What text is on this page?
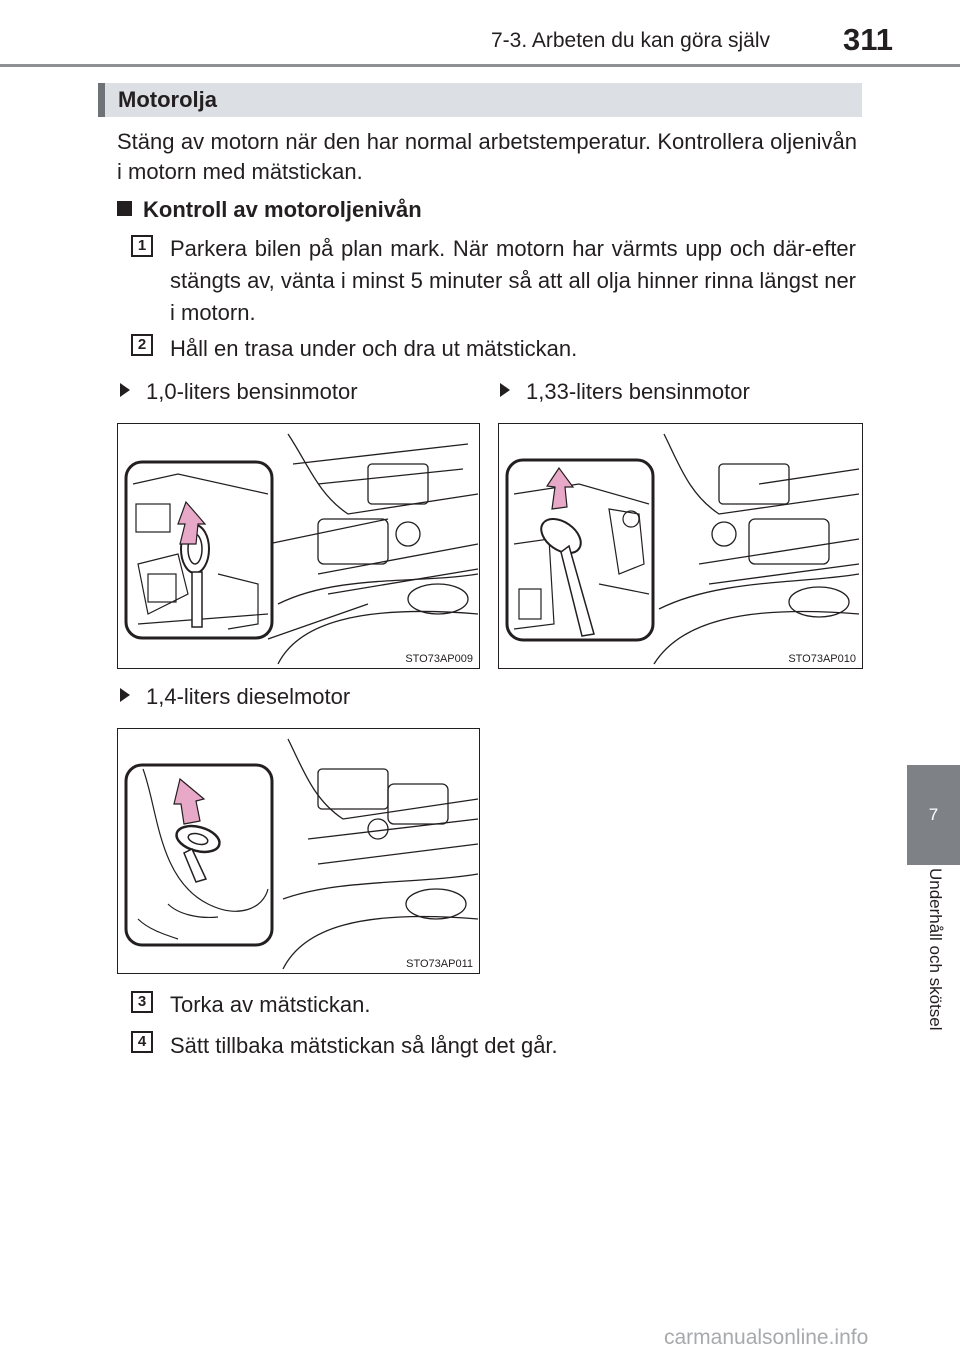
7-3. Arbeten du kan göra själv 311
Motorolja
Stäng av motorn när den har normal arbetstemperatur. Kontrollera oljenivån i motorn med mätstickan.
Kontroll av motoroljenivån
1	Parkera bilen på plan mark. När motorn har värmts upp och där-efter stängts av, vänta i minst 5 minuter så att all olja hinner rinna längst ner i motorn.
2	Håll en trasa under och dra ut mätstickan.
1,0-liters bensinmotor	1,33-liters bensinmotor
STO73AP009	STO73AP010
1,4-liters dieselmotor
STO73AP011
3	Torka av mätstickan.
4	Sätt tillbaka mätstickan så långt det går.
7
Underhåll och skötsel
carmanualsonline.info
